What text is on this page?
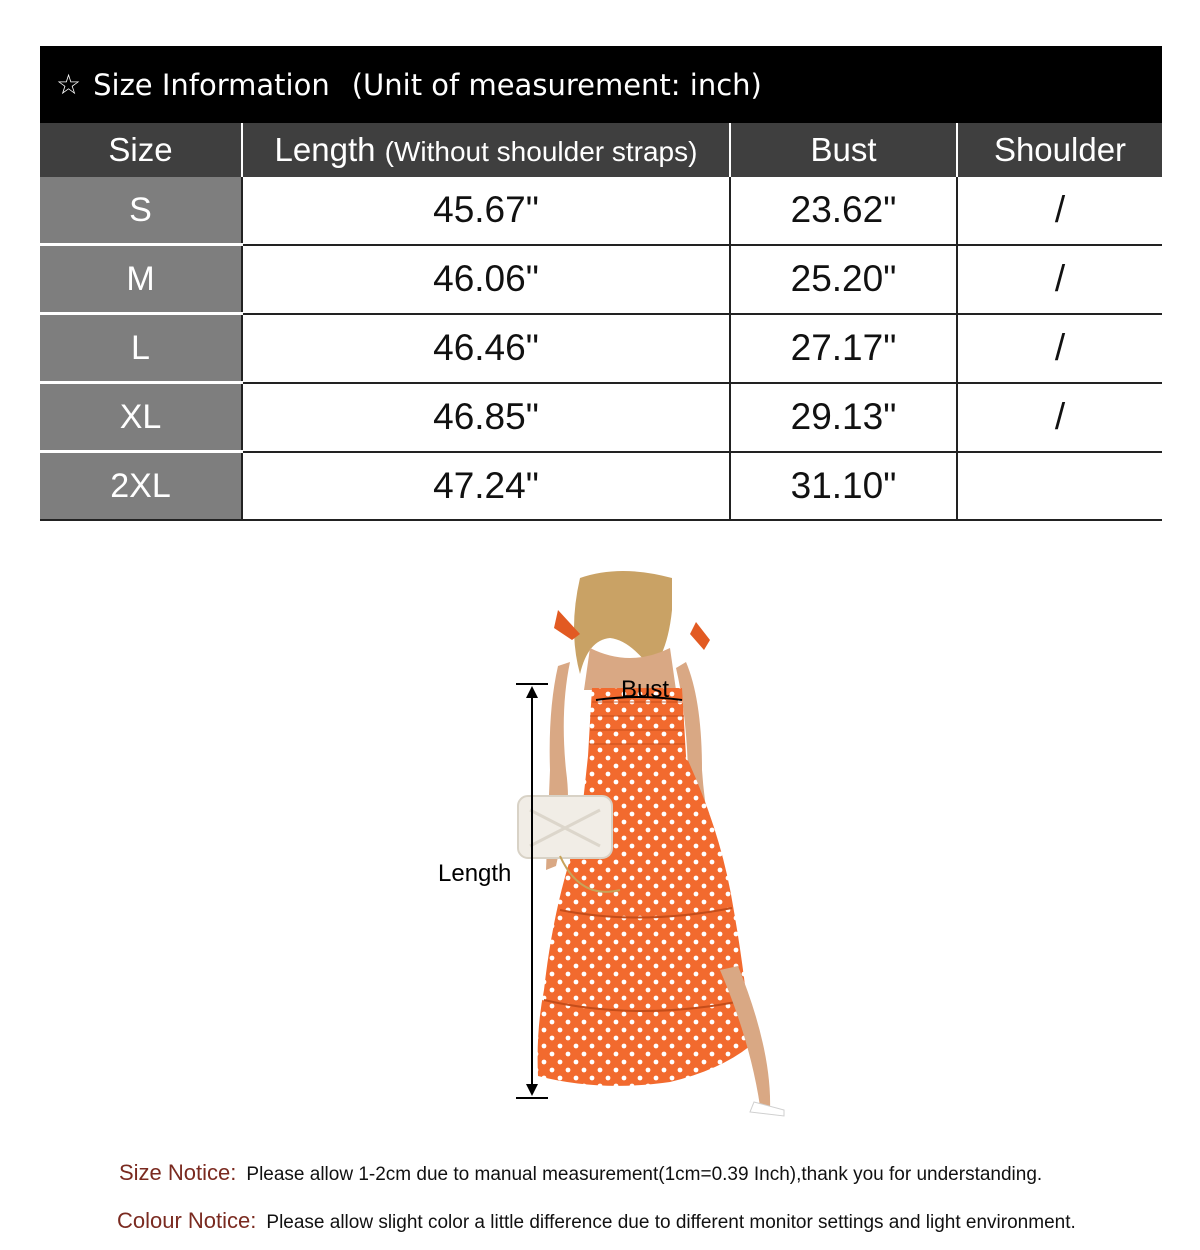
☆ Size Information (Unit of measurement: inch)
Size	Length (Without shoulder straps)	Bust	Shoulder
S	45.67"	23.62"	/
M	46.06"	25.20"	/
L	46.46"	27.17"	/
XL	46.85"	29.13"	/
2XL	47.24"	31.10"	
Length
Bust
Size Notice: Please allow 1-2cm due to manual measurement(1cm=0.39 Inch),thank you for understanding.
Colour Notice: Please allow slight color a little difference due to different monitor settings and light environment.
